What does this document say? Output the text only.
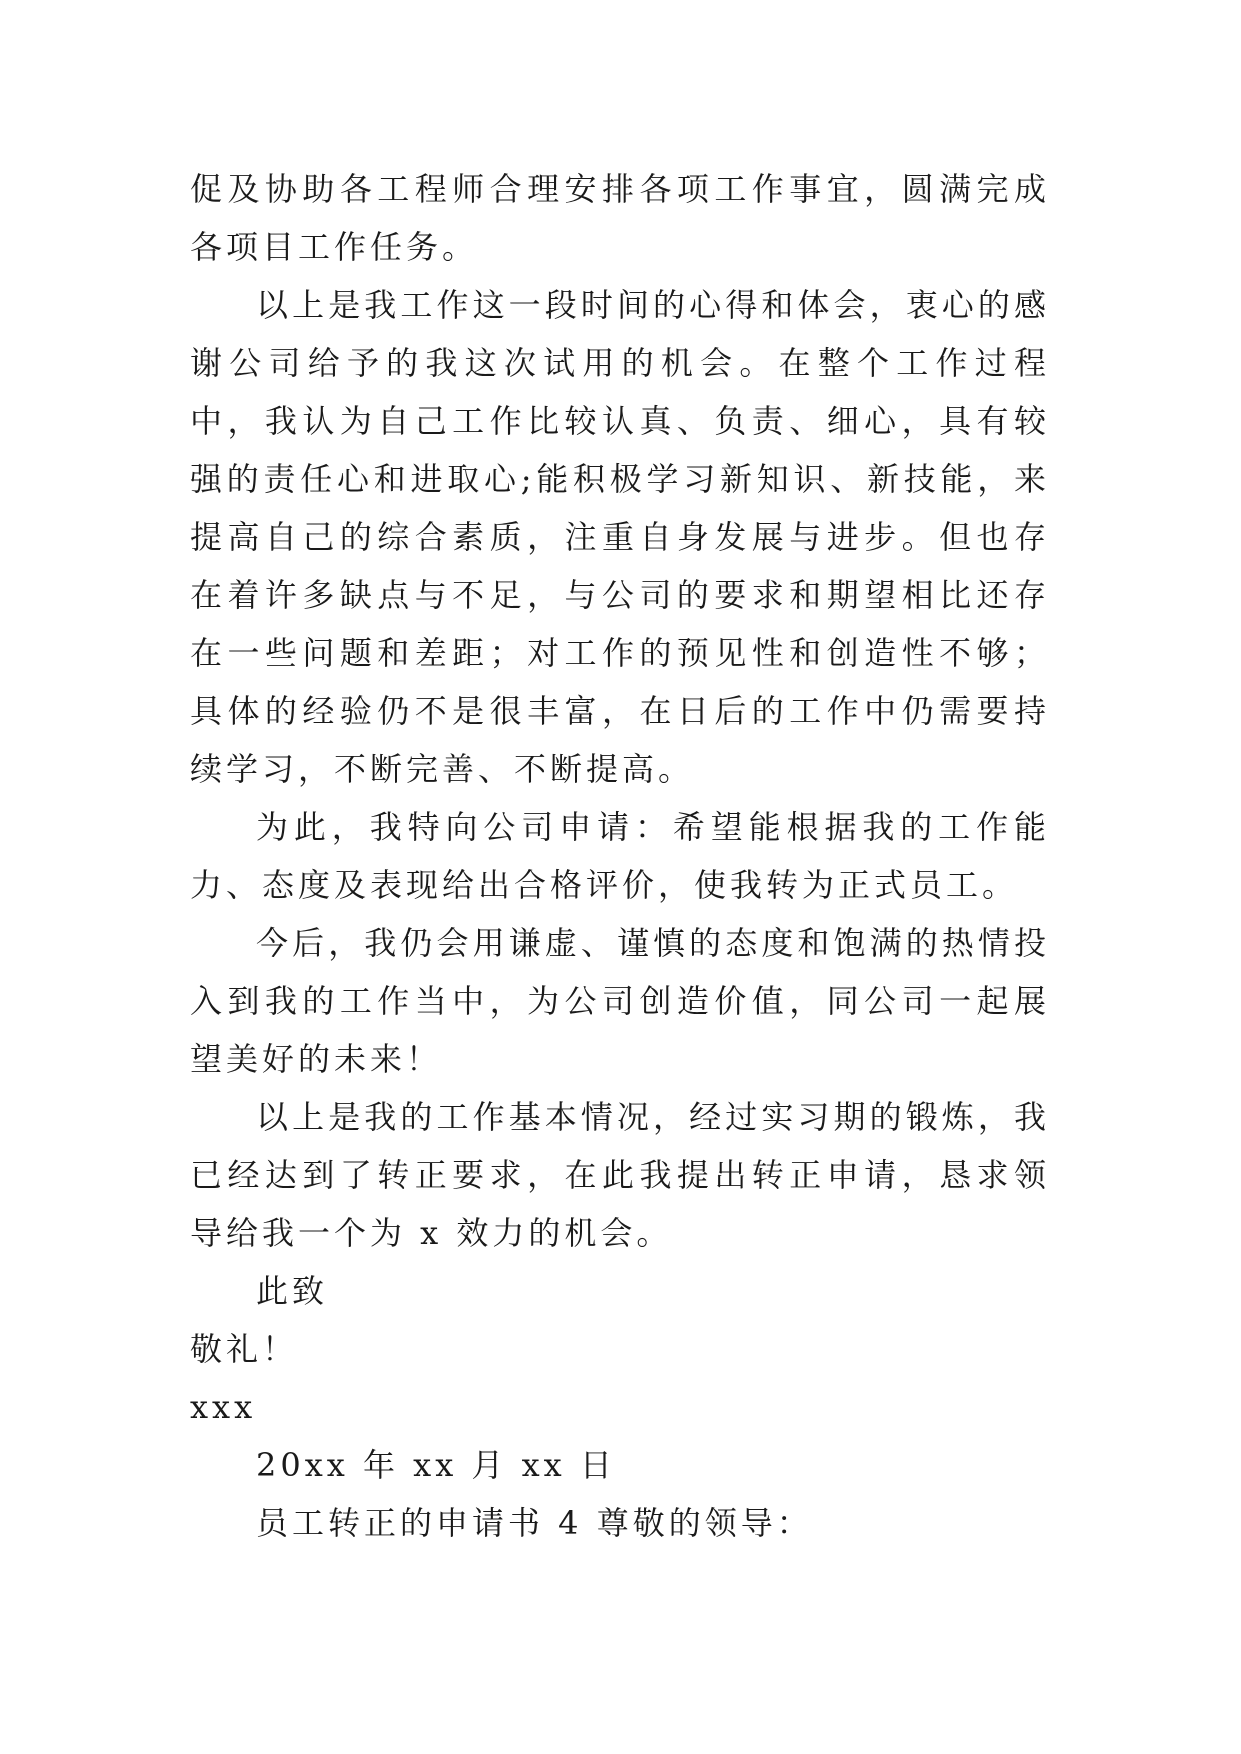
促及协助各工程师合理安排各项工作事宜，圆满完成各项目工作任务。

以上是我工作这一段时间的心得和体会，衷心的感谢公司给予的我这次试用的机会。在整个工作过程中，我认为自己工作比较认真、负责、细心，具有较强的责任心和进取心;能积极学习新知识、新技能，来提高自己的综合素质，注重自身发展与进步。但也存在着许多缺点与不足，与公司的要求和期望相比还存在一些问题和差距；对工作的预见性和创造性不够；具体的经验仍不是很丰富，在日后的工作中仍需要持续学习，不断完善、不断提高。

为此，我特向公司申请：希望能根据我的工作能力、态度及表现给出合格评价，使我转为正式员工。

今后，我仍会用谦虚、谨慎的态度和饱满的热情投入到我的工作当中，为公司创造价值，同公司一起展望美好的未来！

以上是我的工作基本情况，经过实习期的锻炼，我已经达到了转正要求，在此我提出转正申请，恳求领导给我一个为 x 效力的机会。

此致

敬礼！

xxx

20xx 年 xx 月 xx 日

员工转正的申请书 4 尊敬的领导：
